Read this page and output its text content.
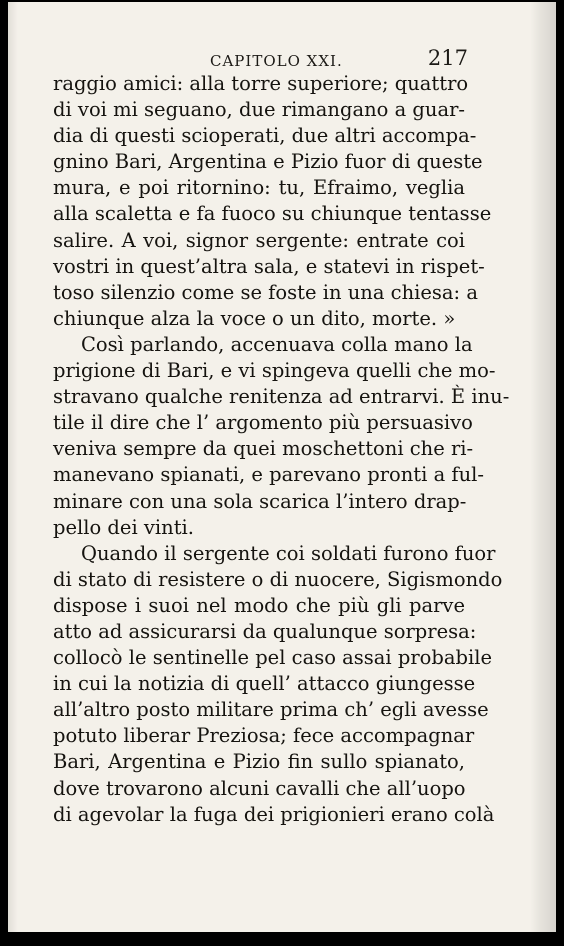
CAPITOLO XXI.	217
raggio amici: alla torre superiore; quattro
di voi mi seguano, due rimangano a guar-
dia di questi scioperati, due altri accompa-
gnino Bari, Argentina e Pizio fuor di queste
mura, e poi ritornino: tu, Efraimo, veglia
alla scaletta e fa fuoco su chiunque tentasse
salire. A voi, signor sergente: entrate coi
vostri in quest’altra sala, e statevi in rispet-
toso silenzio come se foste in una chiesa: a
chiunque alza la voce o un dito, morte. »
Così parlando, accenuava colla mano la
prigione di Bari, e vi spingeva quelli che mo-
stravano qualche renitenza ad entrarvi. È inu-
tile il dire che l’ argomento più persuasivo
veniva sempre da quei moschettoni che ri-
manevano spianati, e parevano pronti a ful-
minare con una sola scarica l’intero drap-
pello dei vinti.
Quando il sergente coi soldati furono fuor
di stato di resistere o di nuocere, Sigismondo
dispose i suoi nel modo che più gli parve
atto ad assicurarsi da qualunque sorpresa:
collocò le sentinelle pel caso assai probabile
in cui la notizia di quell’ attacco giungesse
all’altro posto militare prima ch’ egli avesse
potuto liberar Preziosa; fece accompagnar
Bari, Argentina e Pizio fin sullo spianato,
dove trovarono alcuni cavalli che all’uopo
di agevolar la fuga dei prigionieri erano colà
